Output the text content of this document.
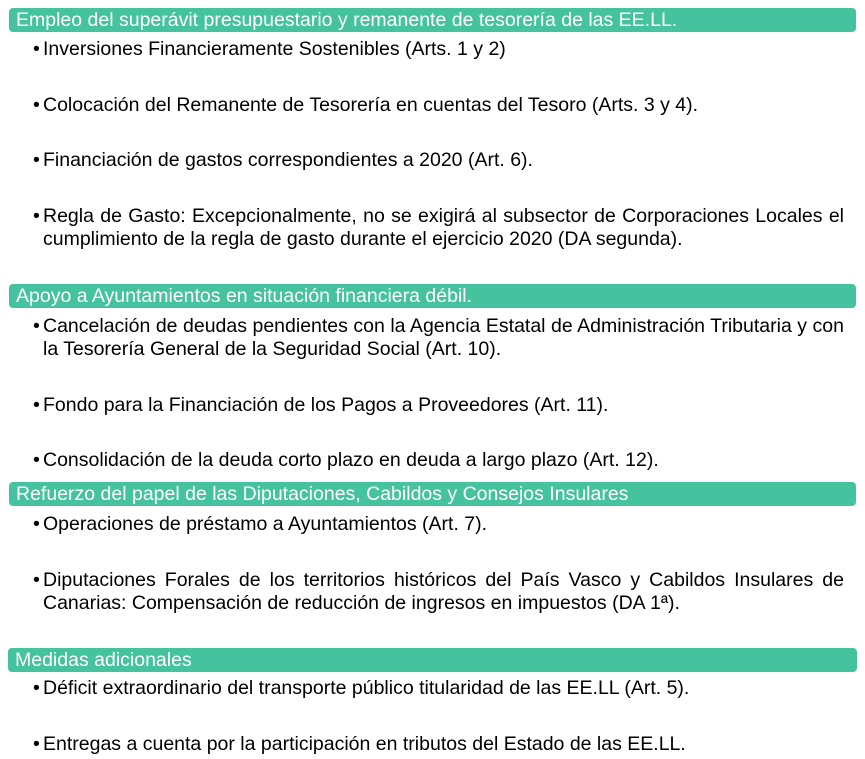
Empleo del superávit presupuestario y remanente de tesorería de las EE.LL.
• Inversiones Financieramente Sostenibles (Arts. 1 y 2)
• Colocación del Remanente de Tesorería en cuentas del Tesoro (Arts. 3 y 4).
• Financiación de gastos correspondientes a 2020 (Art. 6).
• Regla de Gasto: Excepcionalmente, no se exigirá al subsector de Corporaciones Locales el cumplimiento de la regla de gasto durante el ejercicio 2020 (DA segunda).
Apoyo a Ayuntamientos en situación financiera débil.
• Cancelación de deudas pendientes con la Agencia Estatal de Administración Tributaria y con la Tesorería General de la Seguridad Social (Art. 10).
• Fondo para la Financiación de los Pagos a Proveedores (Art. 11).
• Consolidación de la deuda corto plazo en deuda a largo plazo (Art. 12).
Refuerzo del papel de las Diputaciones, Cabildos y Consejos Insulares
• Operaciones de préstamo a Ayuntamientos (Art. 7).
• Diputaciones Forales de los territorios históricos del País Vasco y Cabildos Insulares de Canarias: Compensación de reducción de ingresos en impuestos (DA 1ª).
Medidas adicionales
• Déficit extraordinario del transporte público titularidad de las EE.LL (Art. 5).
• Entregas a cuenta por la participación en tributos del Estado de las EE.LL.
